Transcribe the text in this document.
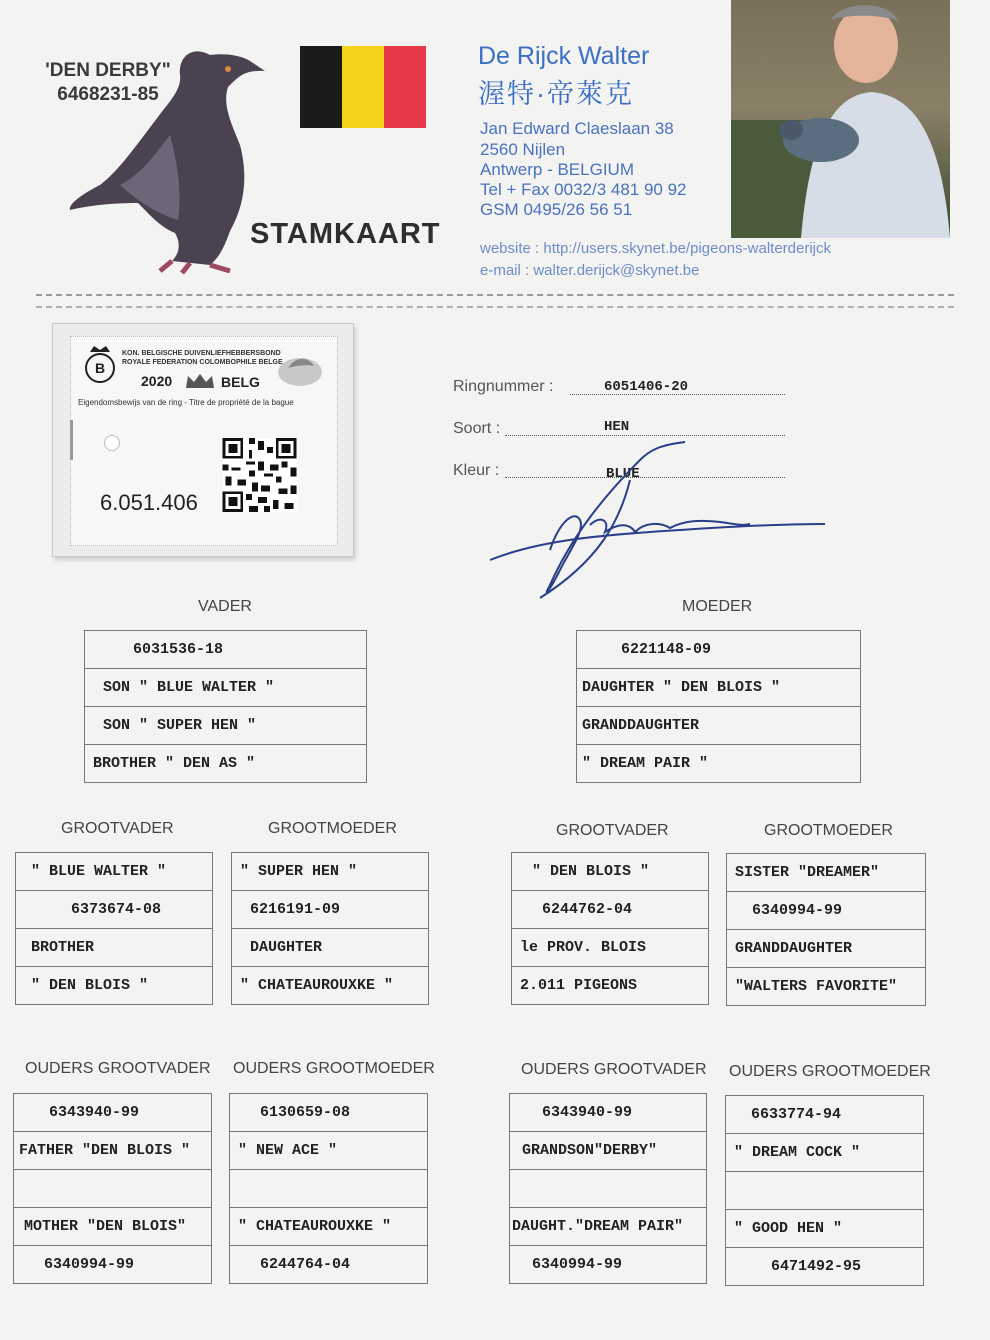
'DEN DERBY"
6468231-85
STAMKAART
De Rijck Walter
渥特·帝萊克
Jan Edward Claeslaan 38
2560 Nijlen
Antwerp - BELGIUM
Tel + Fax 0032/3 481 90 92
GSM 0495/26 56 51
website : http://users.skynet.be/pigeons-walterderijck
e-mail : walter.derijck@skynet.be
B
KON. BELGISCHE DUIVENLIEFHEBBERSBOND
ROYALE FEDERATION COLOMBOPHILE BELGE
2020	BELG
Eigendomsbewijs van de ring - Titre de propriété de la bague
6.051.406
Ringnummer :	6051406-20
Soort :	HEN
Kleur :	BLUE
VADER	MOEDER
6031536-18
SON " BLUE WALTER "
SON " SUPER HEN "
BROTHER " DEN AS "
6221148-09
DAUGHTER " DEN BLOIS "
GRANDDAUGHTER
" DREAM PAIR "
GROOTVADER	GROOTMOEDER	GROOTVADER	GROOTMOEDER
" BLUE WALTER "
6373674-08
BROTHER
" DEN BLOIS "
" SUPER HEN "
6216191-09
DAUGHTER
" CHATEAUROUXKE "
" DEN BLOIS "
6244762-04
le PROV. BLOIS
2.011 PIGEONS
SISTER "DREAMER"
6340994-99
GRANDDAUGHTER
"WALTERS FAVORITE"
OUDERS GROOTVADER OUDERS GROOTMOEDER	OUDERS GROOTVADER OUDERS GROOTMOEDER
6343940-99
FATHER "DEN BLOIS "

MOTHER "DEN BLOIS"
6340994-99
6130659-08
" NEW ACE "

" CHATEAUROUXKE "
6244764-04
6343940-99
GRANDSON"DERBY"

DAUGHT."DREAM PAIR"
6340994-99
6633774-94
" DREAM COCK "

" GOOD HEN "
6471492-95
